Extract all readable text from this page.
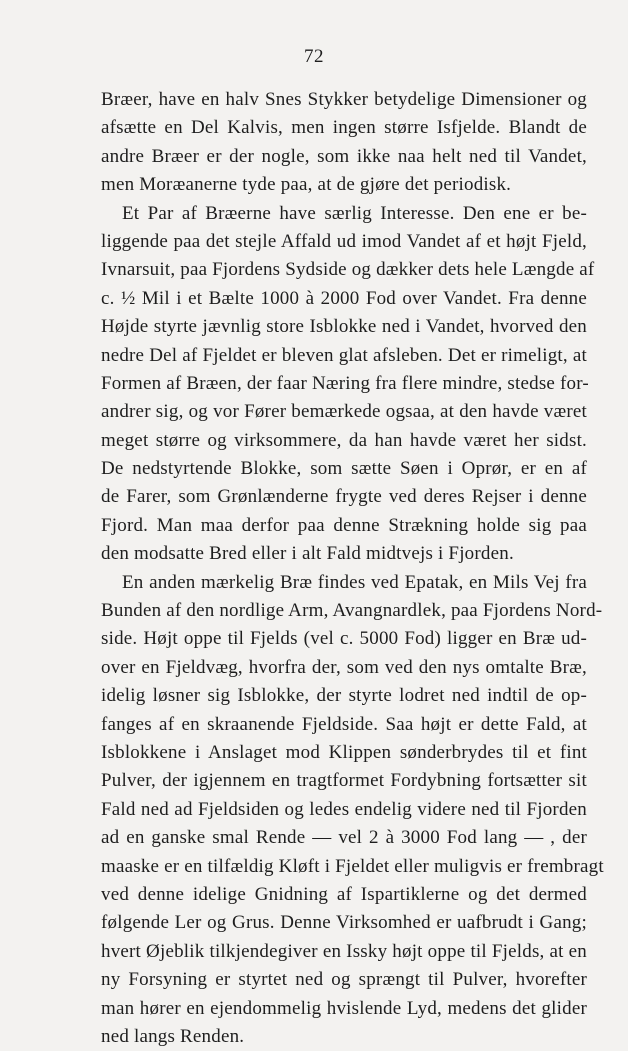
72
Bræer, have en halv Snes Stykker betydelige Dimensioner og
afsætte en Del Kalvis, men ingen større Isfjelde. Blandt de
andre Bræer er der nogle, som ikke naa helt ned til Vandet,
men Moræanerne tyde paa, at de gjøre det periodisk.
Et Par af Bræerne have særlig Interesse. Den ene er be-
liggende paa det stejle Affald ud imod Vandet af et højt Fjeld,
Ivnarsuit, paa Fjordens Sydside og dækker dets hele Længde af
c. ½ Mil i et Bælte 1000 à 2000 Fod over Vandet. Fra denne
Højde styrte jævnlig store Isblokke ned i Vandet, hvorved den
nedre Del af Fjeldet er bleven glat afsleben. Det er rimeligt, at
Formen af Bræen, der faar Næring fra flere mindre, stedse for-
andrer sig, og vor Fører bemærkede ogsaa, at den havde været
meget større og virksommere, da han havde været her sidst.
De nedstyrtende Blokke, som sætte Søen i Oprør, er en af
de Farer, som Grønlænderne frygte ved deres Rejser i denne
Fjord. Man maa derfor paa denne Strækning holde sig paa
den modsatte Bred eller i alt Fald midtvejs i Fjorden.
En anden mærkelig Bræ findes ved Epatak, en Mils Vej fra
Bunden af den nordlige Arm, Avangnardlek, paa Fjordens Nord-
side. Højt oppe til Fjelds (vel c. 5000 Fod) ligger en Bræ ud-
over en Fjeldvæg, hvorfra der, som ved den nys omtalte Bræ,
idelig løsner sig Isblokke, der styrte lodret ned indtil de op-
fanges af en skraanende Fjeldside. Saa højt er dette Fald, at
Isblokkene i Anslaget mod Klippen sønderbrydes til et fint
Pulver, der igjennem en tragtformet Fordybning fortsætter sit
Fald ned ad Fjeldsiden og ledes endelig videre ned til Fjorden
ad en ganske smal Rende — vel 2 à 3000 Fod lang — , der
maaske er en tilfældig Kløft i Fjeldet eller muligvis er frembragt
ved denne idelige Gnidning af Ispartiklerne og det dermed
følgende Ler og Grus. Denne Virksomhed er uafbrudt i Gang;
hvert Øjeblik tilkjendegiver en Issky højt oppe til Fjelds, at en
ny Forsyning er styrtet ned og sprængt til Pulver, hvorefter
man hører en ejendommelig hvislende Lyd, medens det glider
ned langs Renden.
